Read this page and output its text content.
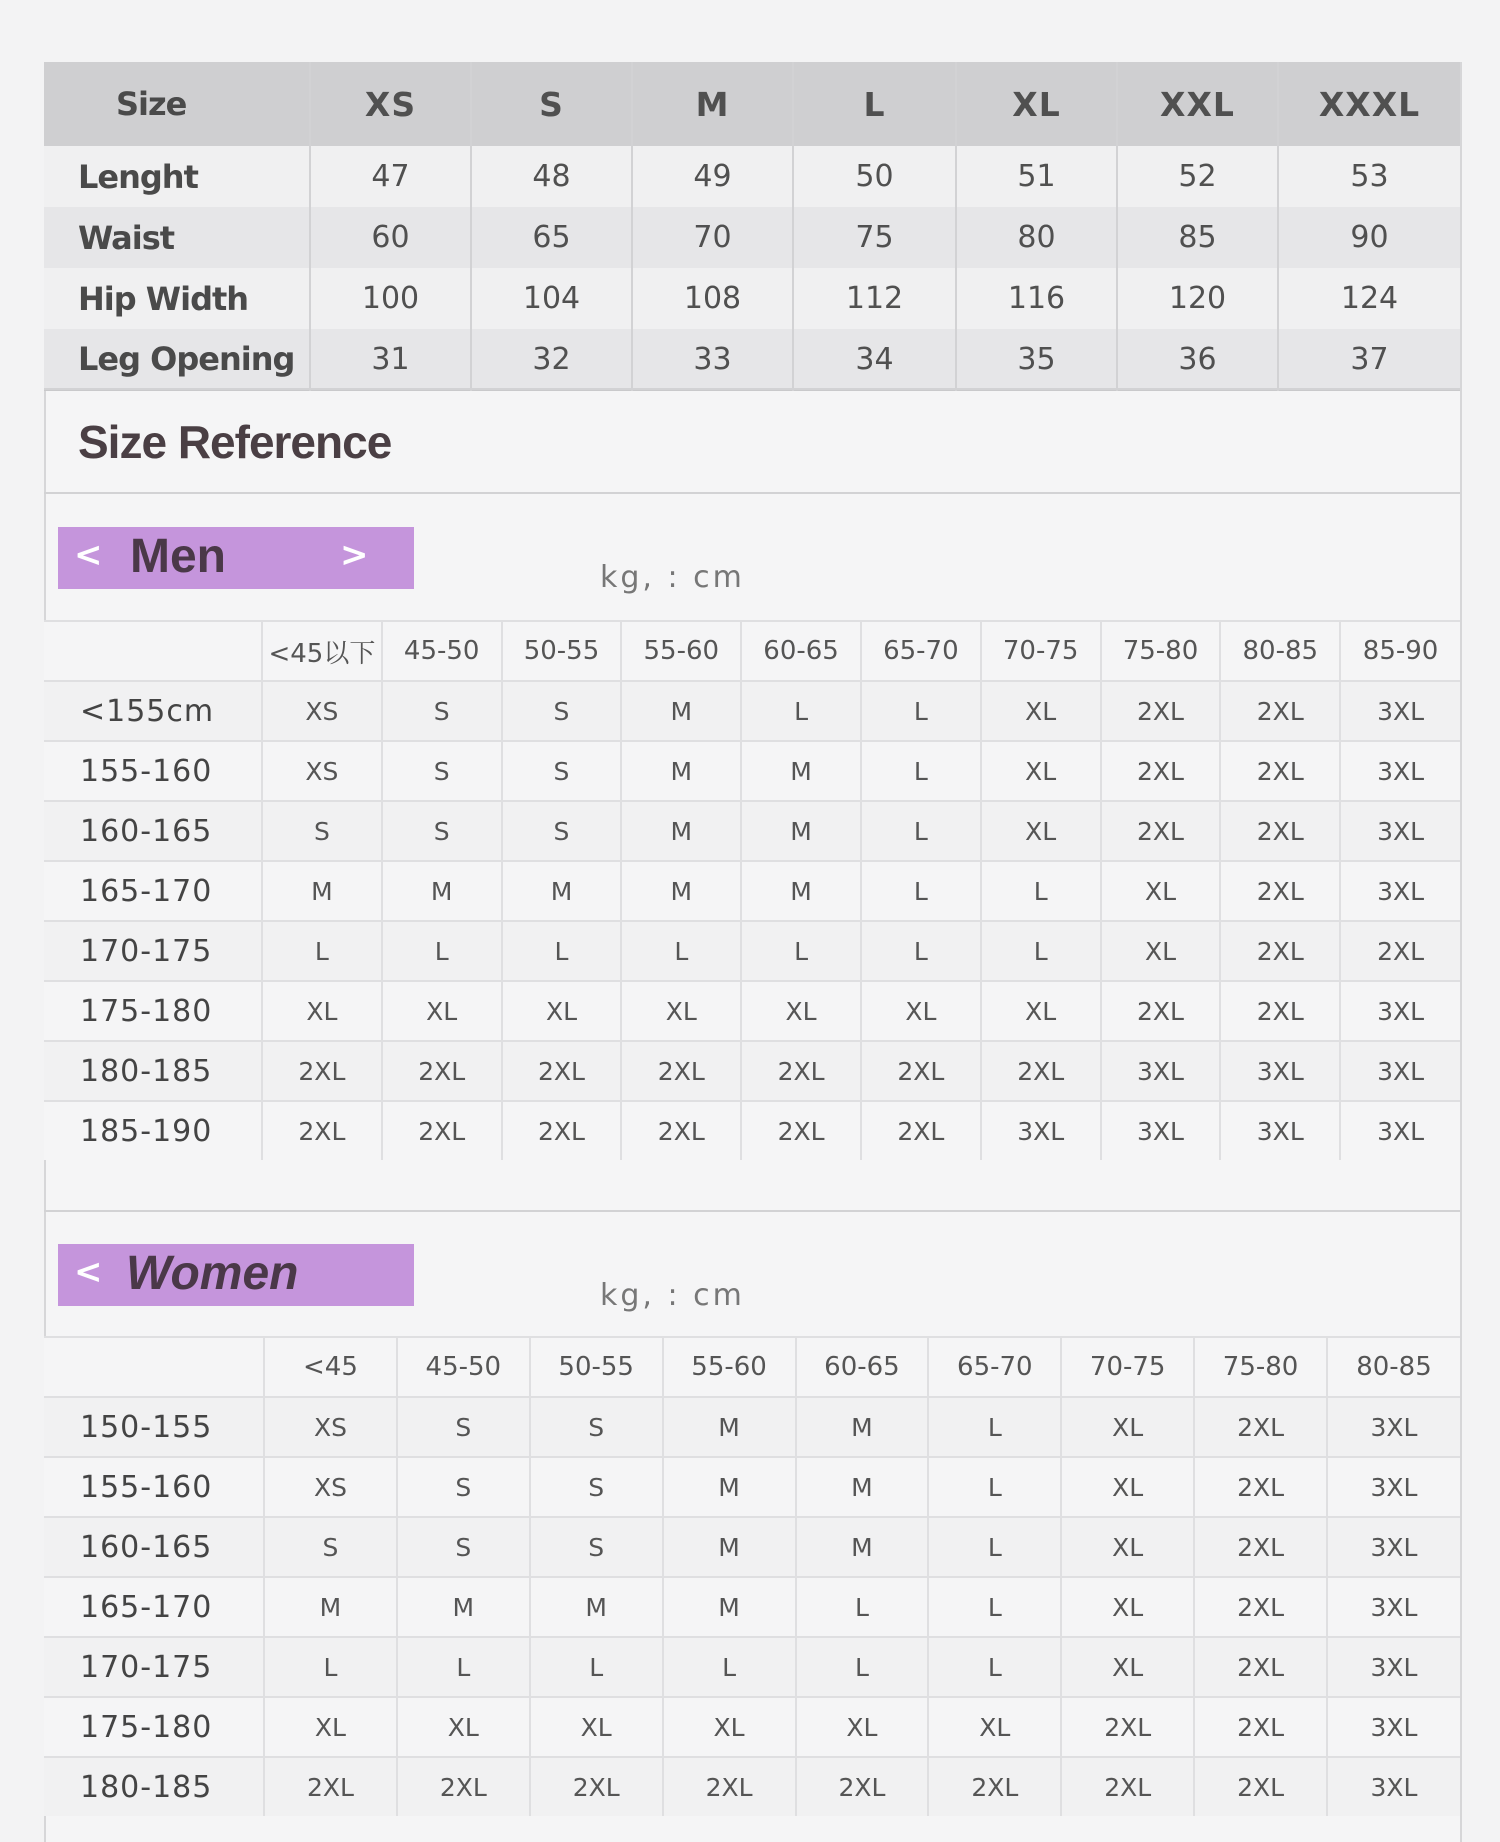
Size	XS	S	M	L	XL	XXL	XXXL
Lenght	47	48	49	50	51	52	53
Waist	60	65	70	75	80	85	90
Hip Width	100	104	108	112	116	120	124
Leg Opening	31	32	33	34	35	36	37
Size Reference
< Men	>
kg, : cm
	<45以下	45-50	50-55	55-60	60-65	65-70	70-75	75-80	80-85	85-90
<155cm	XS	S	S	M	L	L	XL	2XL	2XL	3XL
155-160	XS	S	S	M	M	L	XL	2XL	2XL	3XL
160-165	S	S	S	M	M	L	XL	2XL	2XL	3XL
165-170	M	M	M	M	M	L	L	XL	2XL	3XL
170-175	L	L	L	L	L	L	L	XL	2XL	2XL
175-180	XL	XL	XL	XL	XL	XL	XL	2XL	2XL	3XL
180-185	2XL	2XL	2XL	2XL	2XL	2XL	2XL	3XL	3XL	3XL
185-190	2XL	2XL	2XL	2XL	2XL	2XL	3XL	3XL	3XL	3XL
< Women	kg, : cm
	<45	45-50	50-55	55-60	60-65	65-70	70-75	75-80	80-85
150-155	XS	S	S	M	M	L	XL	2XL	3XL
155-160	XS	S	S	M	M	L	XL	2XL	3XL
160-165	S	S	S	M	M	L	XL	2XL	3XL
165-170	M	M	M	M	L	L	XL	2XL	3XL
170-175	L	L	L	L	L	L	XL	2XL	3XL
175-180	XL	XL	XL	XL	XL	XL	2XL	2XL	3XL
180-185	2XL	2XL	2XL	2XL	2XL	2XL	2XL	2XL	3XL
